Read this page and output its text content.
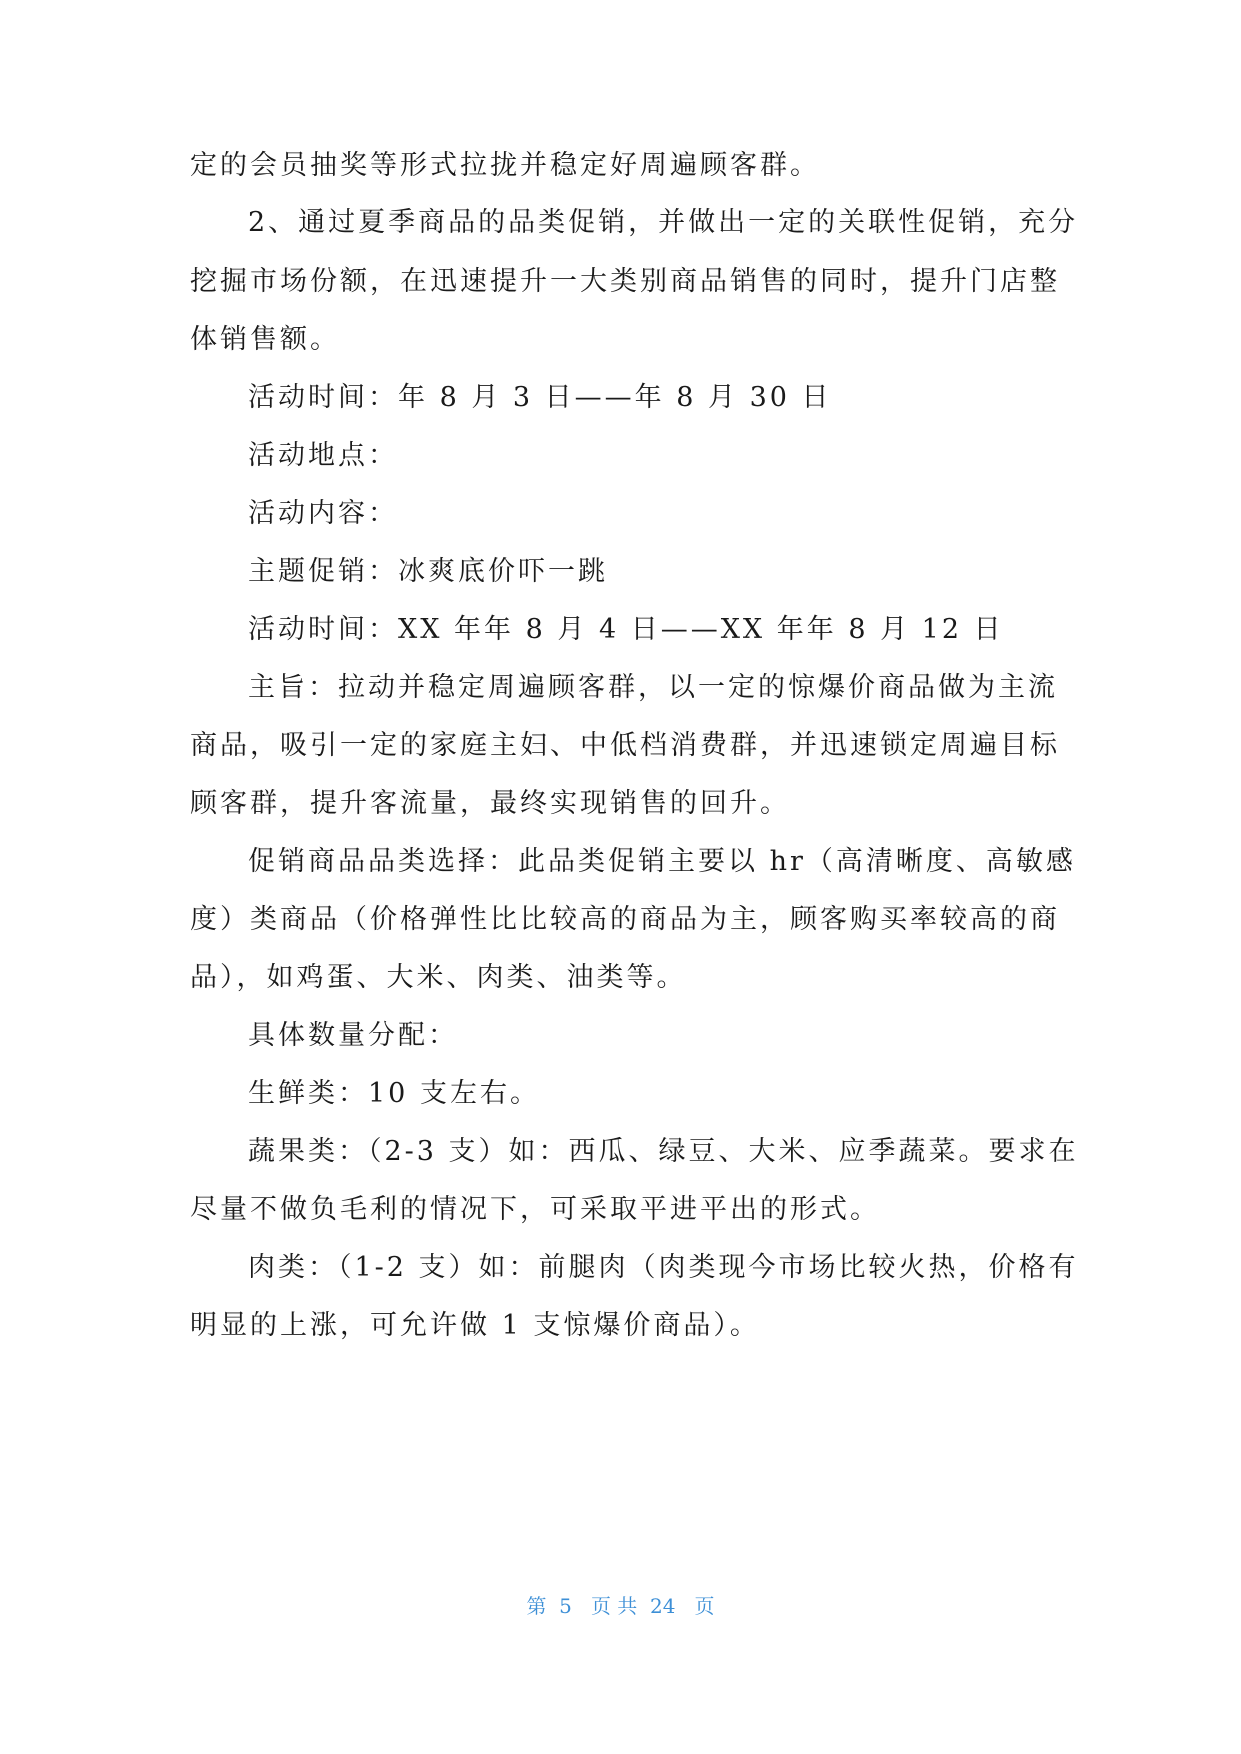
定的会员抽奖等形式拉拢并稳定好周遍顾客群。
2、通过夏季商品的品类促销，并做出一定的关联性促销，充分
挖掘市场份额，在迅速提升一大类别商品销售的同时，提升门店整
体销售额。
活动时间：年 8 月 3 日——年 8 月 30 日
活动地点：
活动内容：
主题促销：冰爽底价吓一跳
活动时间：XX 年年 8 月 4 日——XX 年年 8 月 12 日
主旨：拉动并稳定周遍顾客群，以一定的惊爆价商品做为主流
商品，吸引一定的家庭主妇、中低档消费群，并迅速锁定周遍目标
顾客群，提升客流量，最终实现销售的回升。
促销商品品类选择：此品类促销主要以 hr（高清晰度、高敏感
度）类商品（价格弹性比比较高的商品为主，顾客购买率较高的商
品），如鸡蛋、大米、肉类、油类等。
具体数量分配：
生鲜类：10 支左右。
蔬果类：（2-3 支）如：西瓜、绿豆、大米、应季蔬菜。要求在
尽量不做负毛利的情况下，可采取平进平出的形式。
肉类：（1-2 支）如：前腿肉（肉类现今市场比较火热，价格有
明显的上涨，可允许做 1 支惊爆价商品）。
第  5   页 共  24   页
